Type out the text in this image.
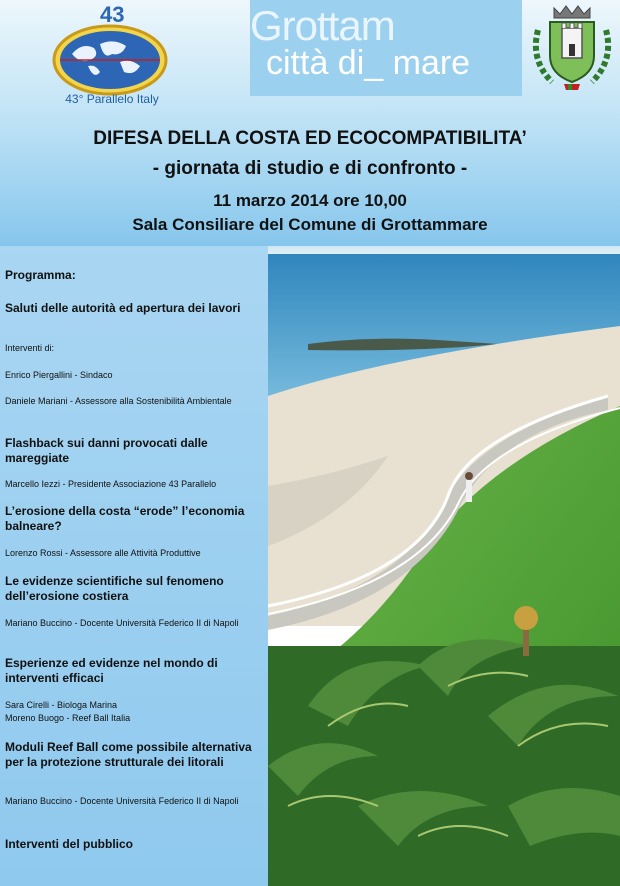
43
43° Parallelo Italy
Grottam
città di_ mare
DIFESA DELLA COSTA ED ECOCOMPATIBILITA’
- giornata di studio e di confronto -
11 marzo 2014 ore 10,00
Sala Consiliare del Comune di Grottammare
Programma:
Saluti delle autorità ed apertura dei lavori
Interventi di:
Enrico Piergallini - Sindaco
Daniele Mariani - Assessore alla Sostenibilità Ambientale
Flashback sui danni provocati dalle mareggiate
Marcello Iezzi - Presidente Associazione 43 Parallelo
L’erosione della costa “erode” l’economia balneare?
Lorenzo Rossi - Assessore alle Attività Produttive
Le evidenze scientifiche sul fenomeno dell’erosione costiera
Mariano Buccino - Docente Università Federico II di Napoli
Esperienze ed evidenze nel mondo di interventi efficaci
Sara Cirelli - Biologa Marina
Moreno Buogo - Reef Ball Italia
Moduli Reef Ball come possibile alternativa per la protezione strutturale dei litorali
Mariano Buccino - Docente Università Federico II di Napoli
Interventi del pubblico
